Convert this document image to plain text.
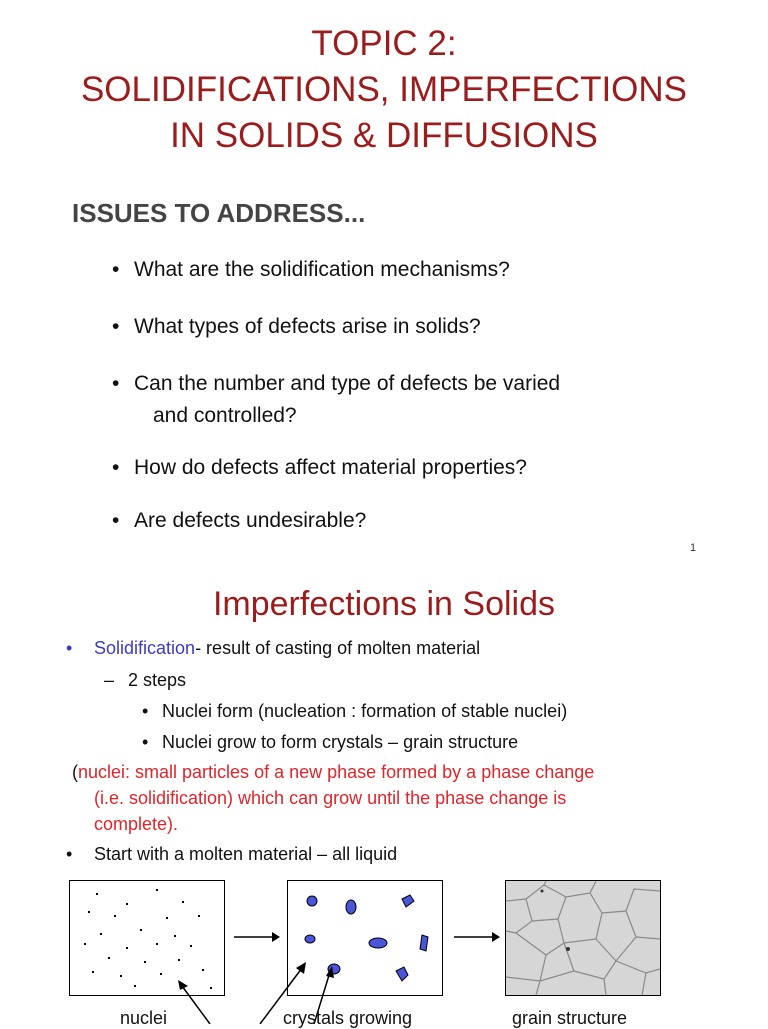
TOPIC 2:
SOLIDIFICATIONS, IMPERFECTIONS
IN SOLIDS & DIFFUSIONS
ISSUES TO ADDRESS...
• What are the solidification mechanisms?
• What types of defects arise in solids?
• Can the number and type of defects be varied
and controlled?
• How do defects affect material properties?
• Are defects undesirable?
1
Imperfections in Solids
• Solidification- result of casting of molten material
– 2 steps
• Nuclei form (nucleation : formation of stable nuclei)
• Nuclei grow to form crystals – grain structure
(nuclei: small particles of a new phase formed by a phase change
(i.e. solidification) which can grow until the phase change is
complete).
• Start with a molten material – all liquid
nuclei	crystals growing	grain structure
